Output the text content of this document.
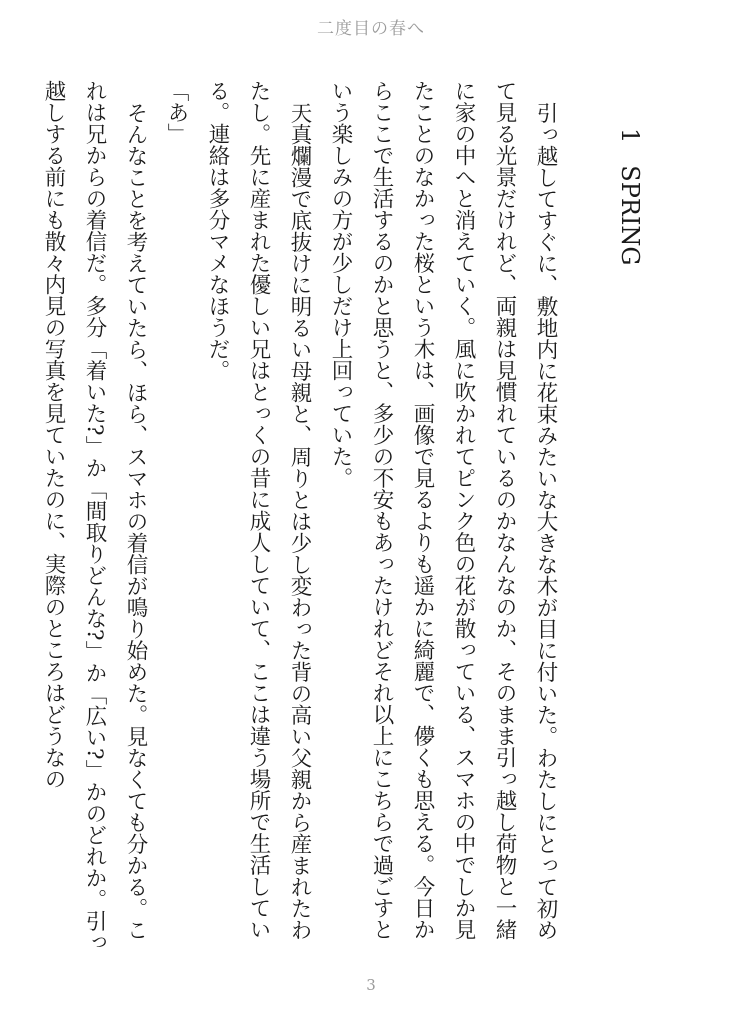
二度目の春へ
1SPRING

引っ越してすぐに、敷地内に花束みたいな大きな木が目に付いた。わたしにとって初めて見る光景だけれど、両親は見慣れているのかなんなのか、そのまま引っ越し荷物と一緒に家の中へと消えていく。風に吹かれてピンク色の花が散っている、スマホの中でしか見たことのなかった桜という木は、画像で見るよりも遥かに綺麗で、儚くも思える。今日からここで生活するのかと思うと、多少の不安もあったけれどそれ以上にこちらで過ごすという楽しみの方が少しだけ上回っていた。

天真爛漫で底抜けに明るい母親と、周りとは少し変わった背の高い父親から産まれたわたし。先に産まれた優しい兄はとっくの昔に成人していて、ここは違う場所で生活している。連絡は多分マメなほうだ。

「あ」

そんなことを考えていたら、ほら、スマホの着信が鳴り始めた。見なくても分かる。これは兄からの着信だ。多分「着いた?」か「間取りどんな?」か「広い?」かのどれか。引っ越しする前にも散々内見の写真を見ていたのに、実際のところはどうなの

3
